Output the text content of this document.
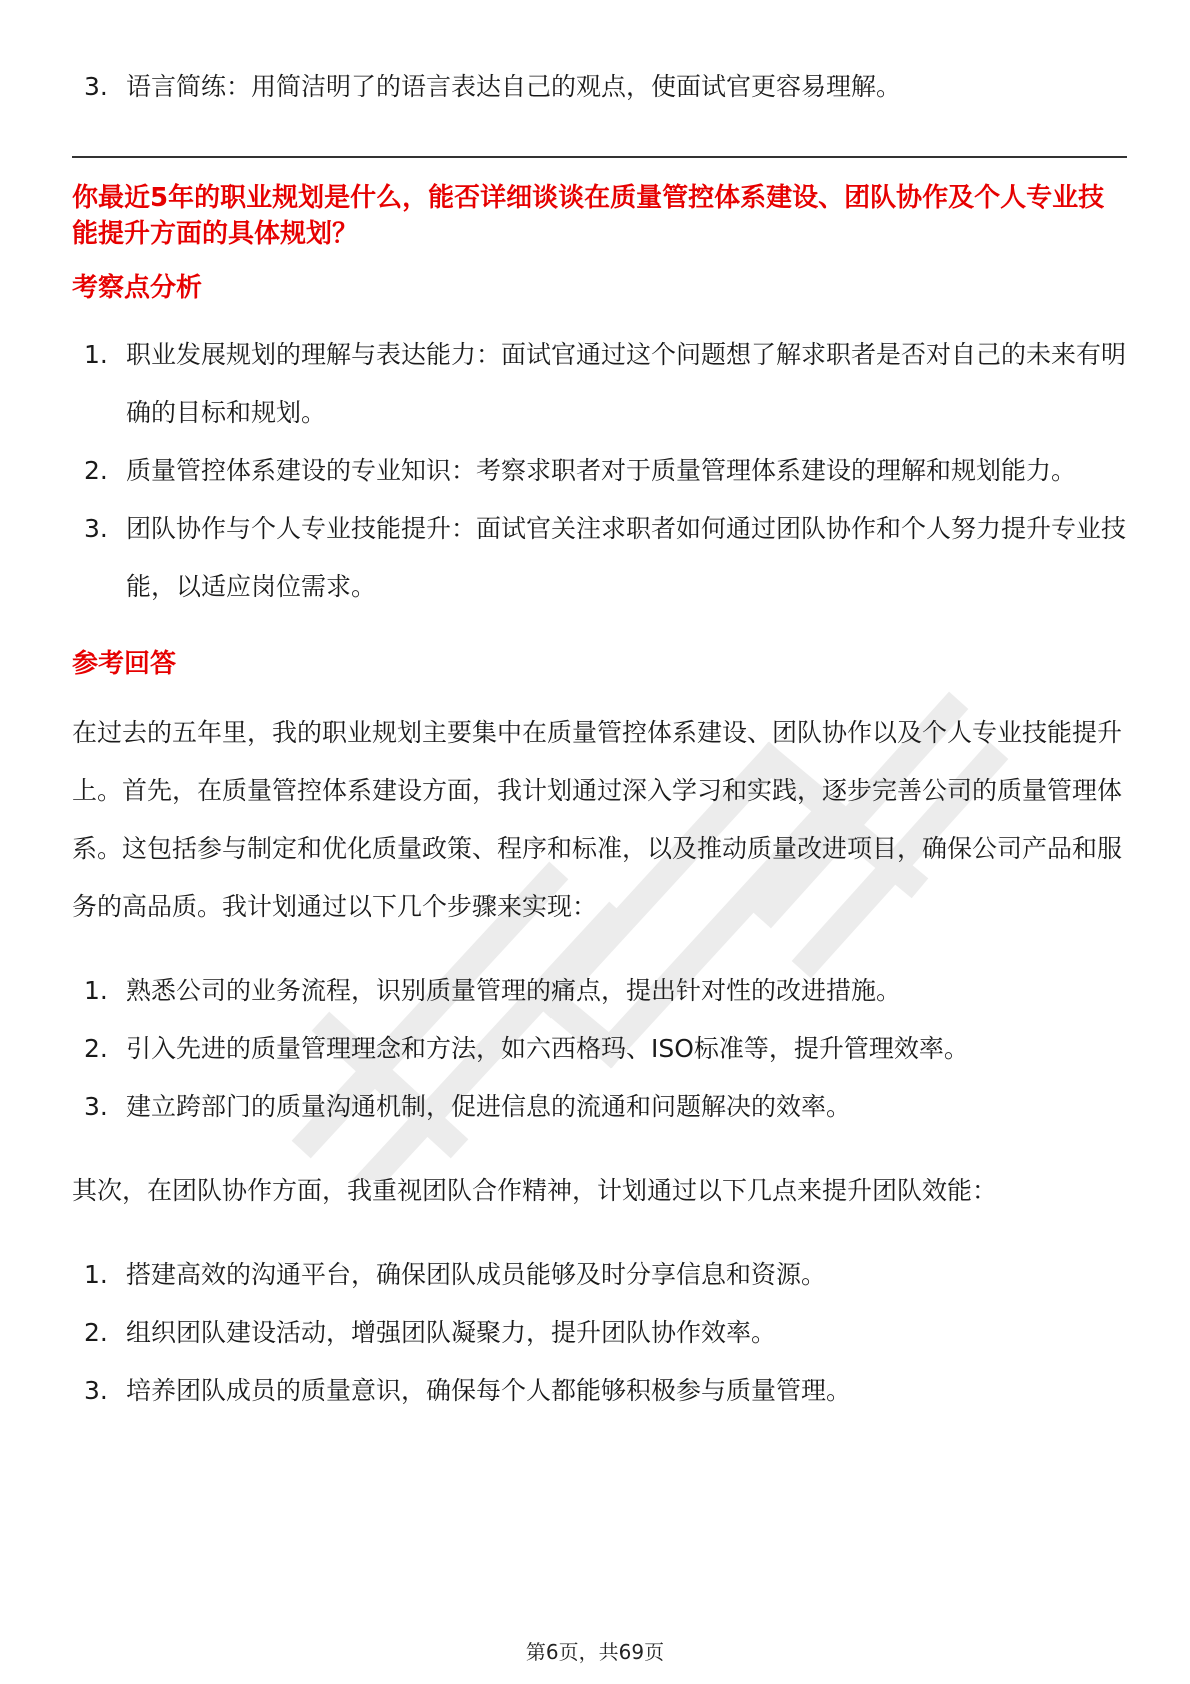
3. 语言简练：用简洁明了的语言表达自己的观点，使面试官更容易理解。

你最近5年的职业规划是什么，能否详细谈谈在质量管控体系建设、团队协作及个人专业技能提升方面的具体规划？

考察点分析
1. 职业发展规划的理解与表达能力：面试官通过这个问题想了解求职者是否对自己的未来有明确的目标和规划。
2. 质量管控体系建设的专业知识：考察求职者对于质量管理体系建设的理解和规划能力。
3. 团队协作与个人专业技能提升：面试官关注求职者如何通过团队协作和个人努力提升专业技能，以适应岗位需求。
参考回答

在过去的五年里，我的职业规划主要集中在质量管控体系建设、团队协作以及个人专业技能提升上。首先，在质量管控体系建设方面，我计划通过深入学习和实践，逐步完善公司的质量管理体系。这包括参与制定和优化质量政策、程序和标准，以及推动质量改进项目，确保公司产品和服务的高品质。我计划通过以下几个步骤来实现：

1. 熟悉公司的业务流程，识别质量管理的痛点，提出针对性的改进措施。
2. 引入先进的质量管理理念和方法，如六西格玛、ISO标准等，提升管理效率。
3. 建立跨部门的质量沟通机制，促进信息的流通和问题解决的效率。

其次，在团队协作方面，我重视团队合作精神，计划通过以下几点来提升团队效能：

1. 搭建高效的沟通平台，确保团队成员能够及时分享信息和资源。
2. 组织团队建设活动，增强团队凝聚力，提升团队协作效率。
3. 培养团队成员的质量意识，确保每个人都能够积极参与质量管理。
第6页，共69页
